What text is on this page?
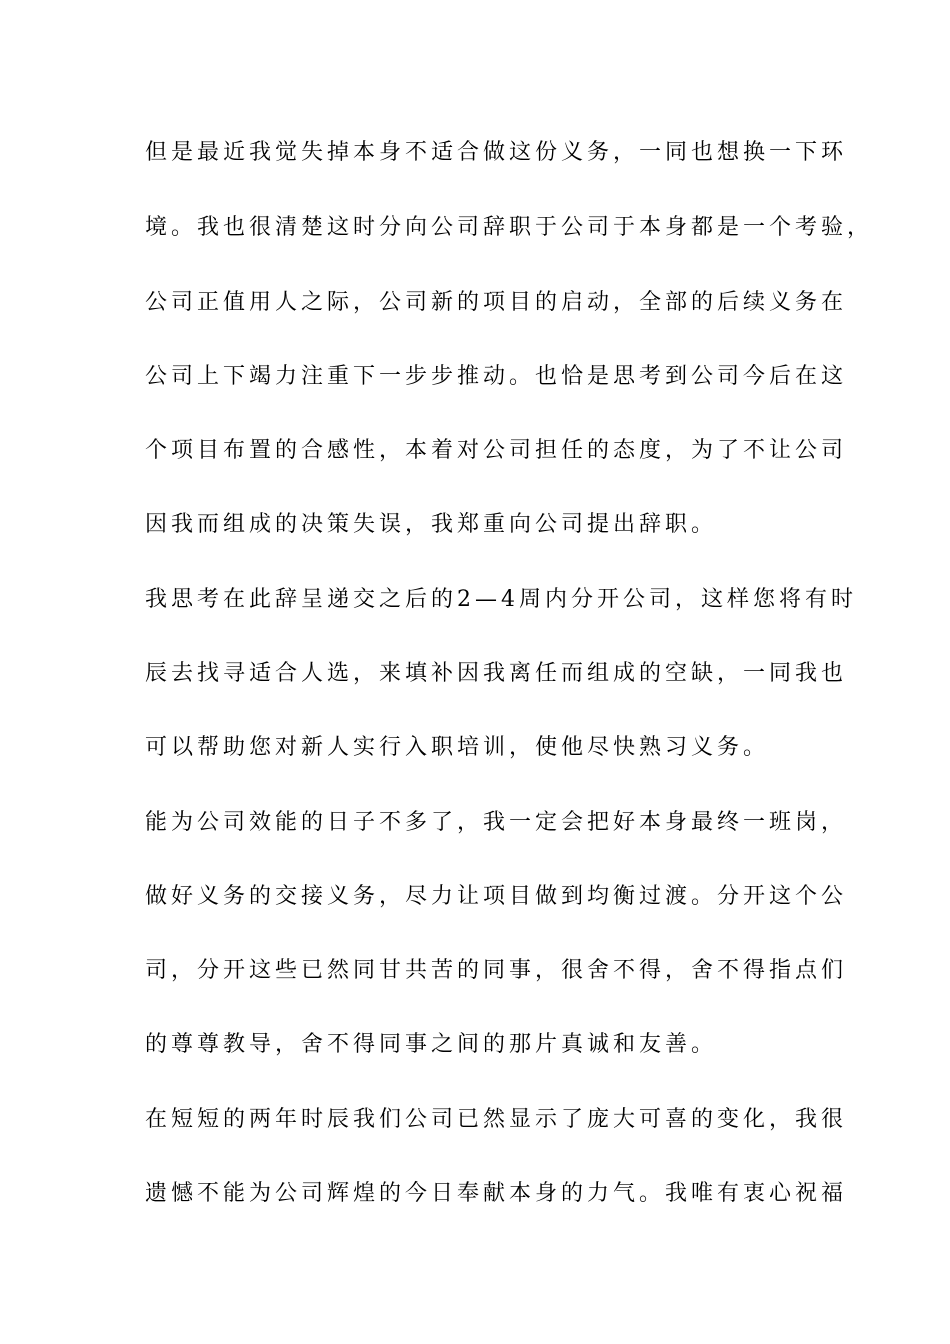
但是最近我觉失掉本身不适合做这份义务，一同也想换一下环

境。我也很清楚这时分向公司辞职于公司于本身都是一个考验，

公司正值用人之际，公司新的项目的启动，全部的后续义务在

公司上下竭力注重下一步步推动。也恰是思考到公司今后在这

个项目布置的合感性，本着对公司担任的态度，为了不让公司

因我而组成的决策失误，我郑重向公司提出辞职。

我思考在此辞呈递交之后的2—4周内分开公司，这样您将有时

辰去找寻适合人选，来填补因我离任而组成的空缺，一同我也

可以帮助您对新人实行入职培训，使他尽快熟习义务。

能为公司效能的日子不多了，我一定会把好本身最终一班岗，

做好义务的交接义务，尽力让项目做到均衡过渡。分开这个公

司，分开这些已然同甘共苦的同事，很舍不得，舍不得指点们

的尊尊教导，舍不得同事之间的那片真诚和友善。

在短短的两年时辰我们公司已然显示了庞大可喜的变化，我很

遗憾不能为公司辉煌的今日奉献本身的力气。我唯有衷心祝福
